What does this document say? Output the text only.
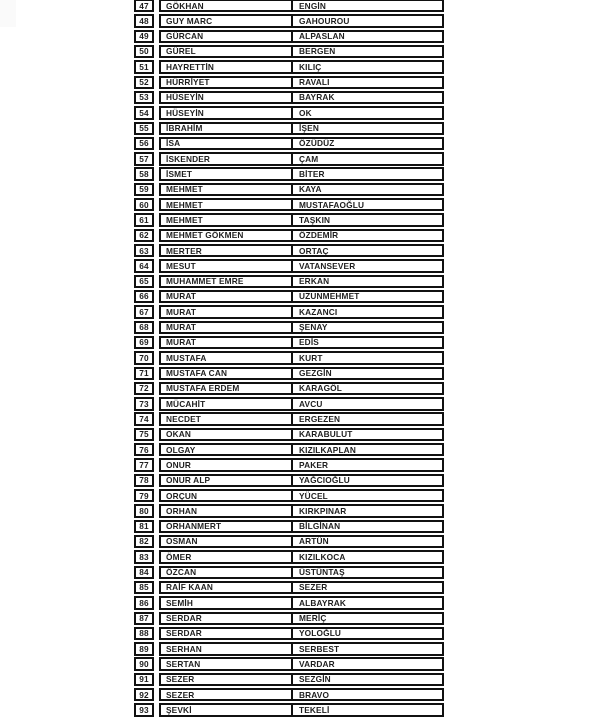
47	GÖKHAN	ENGİN
48	GUY MARC	GAHOUROU
49	GÜRCAN	ALPASLAN
50	GÜREL	BERGEN
51	HAYRETTİN	KILIÇ
52	HÜRRİYET	RAVALI
53	HÜSEYİN	BAYRAK
54	HÜSEYİN	OK
55	İBRAHİM	İŞEN
56	İSA	ÖZÜDÜZ
57	İSKENDER	ÇAM
58	İSMET	BİTER
59	MEHMET	KAYA
60	MEHMET	MUSTAFAOĞLU
61	MEHMET	TAŞKIN
62	MEHMET GÖKMEN	ÖZDEMİR
63	MERTER	ORTAÇ
64	MESUT	VATANSEVER
65	MUHAMMET EMRE	ERKAN
66	MURAT	UZUNMEHMET
67	MURAT	KAZANCI
68	MURAT	ŞENAY
69	MURAT	EDİS
70	MUSTAFA	KURT
71	MUSTAFA CAN	GEZGİN
72	MUSTAFA ERDEM	KARAGÖL
73	MÜCAHİT	AVCU
74	NECDET	ERGEZEN
75	OKAN	KARABULUT
76	OLGAY	KIZILKAPLAN
77	ONUR	PAKER
78	ONUR ALP	YAĞCIOĞLU
79	ORÇUN	YÜCEL
80	ORHAN	KIRKPINAR
81	ORHANMERT	BİLGİNAN
82	OSMAN	ARTÜN
83	ÖMER	KIZILKOCA
84	ÖZCAN	ÜSTÜNTAŞ
85	RAİF KAAN	SEZER
86	SEMİH	ALBAYRAK
87	SERDAR	MERİÇ
88	SERDAR	YOLOĞLU
89	SERHAN	SERBEST
90	SERTAN	VARDAR
91	SEZER	SEZGİN
92	SEZER	BRAVO
93	ŞEVKİ	TEKELİ
